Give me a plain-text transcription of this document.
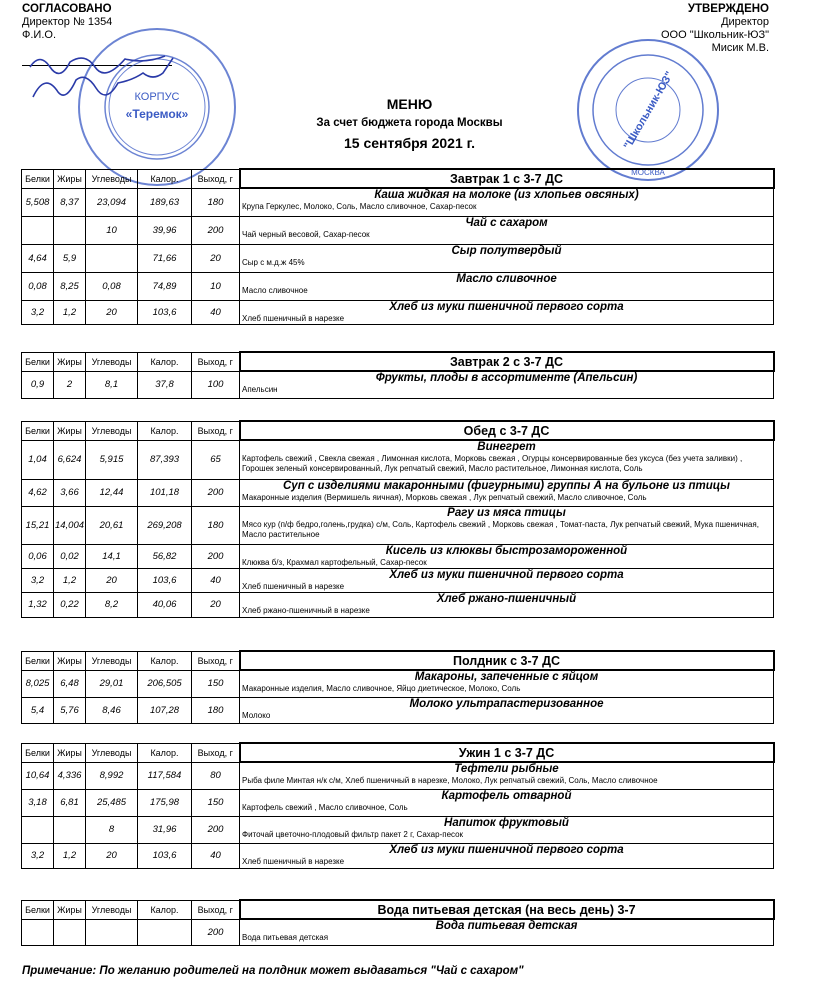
СОГЛАСОВАНО
Директор № 1354
Ф.И.О.
КОРПУС
«Теремок»
УТВЕРЖДЕНО
Директор
ООО "Школьник-ЮЗ"
Мисик М.В.
"Школьник-ЮЗ"
МОСКВА
МЕНЮ
За счет бюджета города Москвы
15 сентября 2021 г.
Белки	Жиры	Углеводы	Калор.	Выход, г	Завтрак 1 с 3-7 ДС
5,508	8,37	23,094	189,63	180	Каша жидкая на молоке (из хлопьев овсяных)
Крупа Геркулес, Молоко, Соль, Масло сливочное, Сахар-песок

		10	39,96	200	Чай с сахаром
Чай черный весовой, Сахар-песок

4,64	5,9		71,66	20	Сыр полутвердый
Сыр с м.д.ж 45%

0,08	8,25	0,08	74,89	10	Масло сливочное
Масло сливочное

3,2	1,2	20	103,6	40	Хлеб из муки пшеничной первого сорта
Хлеб пшеничный в нарезке
Белки	Жиры	Углеводы	Калор.	Выход, г	Завтрак 2 с 3-7 ДС
0,9	2	8,1	37,8	100	Фрукты, плоды в ассортименте (Апельсин)
Апельсин
Белки	Жиры	Углеводы	Калор.	Выход, г	Обед с 3-7 ДС
1,04	6,624	5,915	87,393	65	Винегрет
Картофель свежий , Свекла свежая , Лимонная кислота, Морковь свежая , Огурцы консервированные без уксуса (без учета заливки) , Горошек зеленый консервированный, Лук репчатый свежий, Масло растительное, Лимонная кислота, Соль

4,62	3,66	12,44	101,18	200	Суп с изделиями макаронными (фигурными) группы А на бульоне из птицы
Макаронные изделия (Вермишель яичная), Морковь свежая , Лук репчатый свежий, Масло сливочное, Соль

15,21	14,004	20,61	269,208	180	Рагу из мяса птицы
Мясо кур (п/ф бедро,голень,грудка) с/м, Соль, Картофель свежий , Морковь свежая , Томат-паста, Лук репчатый свежий, Мука пшеничная, Масло растительное

0,06	0,02	14,1	56,82	200	Кисель из клюквы быстрозамороженной
Клюква б/з, Крахмал картофельный, Сахар-песок

3,2	1,2	20	103,6	40	Хлеб из муки пшеничной первого сорта
Хлеб пшеничный в нарезке

1,32	0,22	8,2	40,06	20	Хлеб ржано-пшеничный
Хлеб ржано-пшеничный в нарезке
Белки	Жиры	Углеводы	Калор.	Выход, г	Полдник с 3-7 ДС
8,025	6,48	29,01	206,505	150	Макароны, запеченные с яйцом
Макаронные изделия, Масло сливочное, Яйцо диетическое, Молоко, Соль

5,4	5,76	8,46	107,28	180	Молоко ультрапастеризованное
Молоко
Белки	Жиры	Углеводы	Калор.	Выход, г	Ужин 1 с 3-7 ДС
10,64	4,336	8,992	117,584	80	Тефтели рыбные
Рыба филе Минтая н/к с/м, Хлеб пшеничный в нарезке, Молоко, Лук репчатый свежий, Соль, Масло сливочное

3,18	6,81	25,485	175,98	150	Картофель отварной
Картофель свежий , Масло сливочное, Соль

		8	31,96	200	Напиток фруктовый
Фиточай цветочно-плодовый фильтр пакет 2 г, Сахар-песок

3,2	1,2	20	103,6	40	Хлеб из муки пшеничной первого сорта
Хлеб пшеничный в нарезке
Белки	Жиры	Углеводы	Калор.	Выход, г	Вода питьевая детская (на весь день) 3-7
				200	Вода питьевая детская
Вода питьевая детская
Примечание: По желанию родителей на полдник может выдаваться "Чай с сахаром"
